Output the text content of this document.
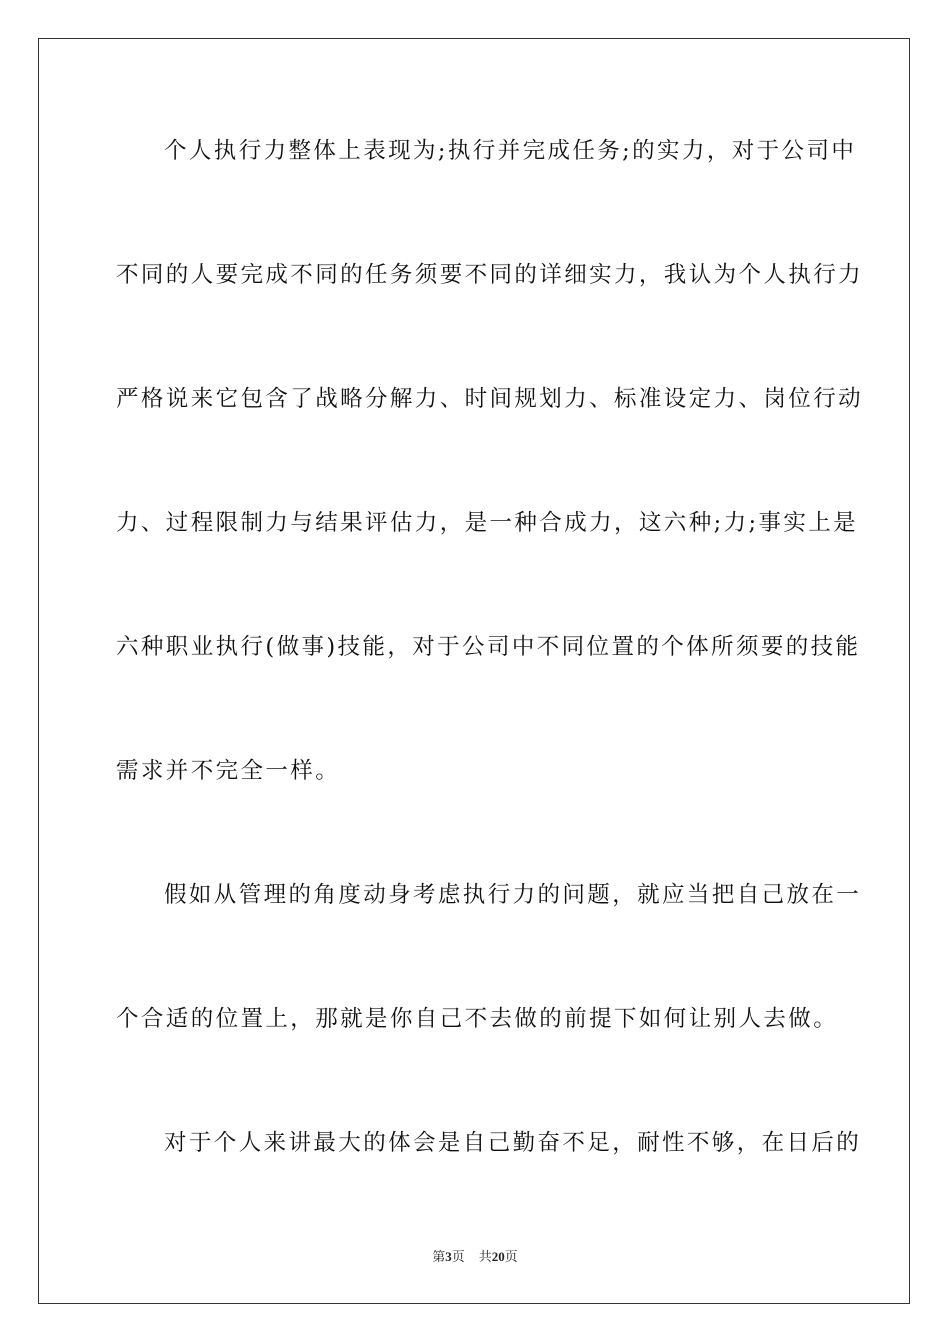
个人执行力整体上表现为;执行并完成任务;的实力，对于公司中
不同的人要完成不同的任务须要不同的详细实力，我认为个人执行力
严格说来它包含了战略分解力、时间规划力、标准设定力、岗位行动
力、过程限制力与结果评估力，是一种合成力，这六种;力;事实上是
六种职业执行(做事)技能，对于公司中不同位置的个体所须要的技能
需求并不完全一样。
假如从管理的角度动身考虑执行力的问题，就应当把自己放在一
个合适的位置上，那就是你自己不去做的前提下如何让别人去做。
对于个人来讲最大的体会是自己勤奋不足，耐性不够，在日后的
第3页 共20页
